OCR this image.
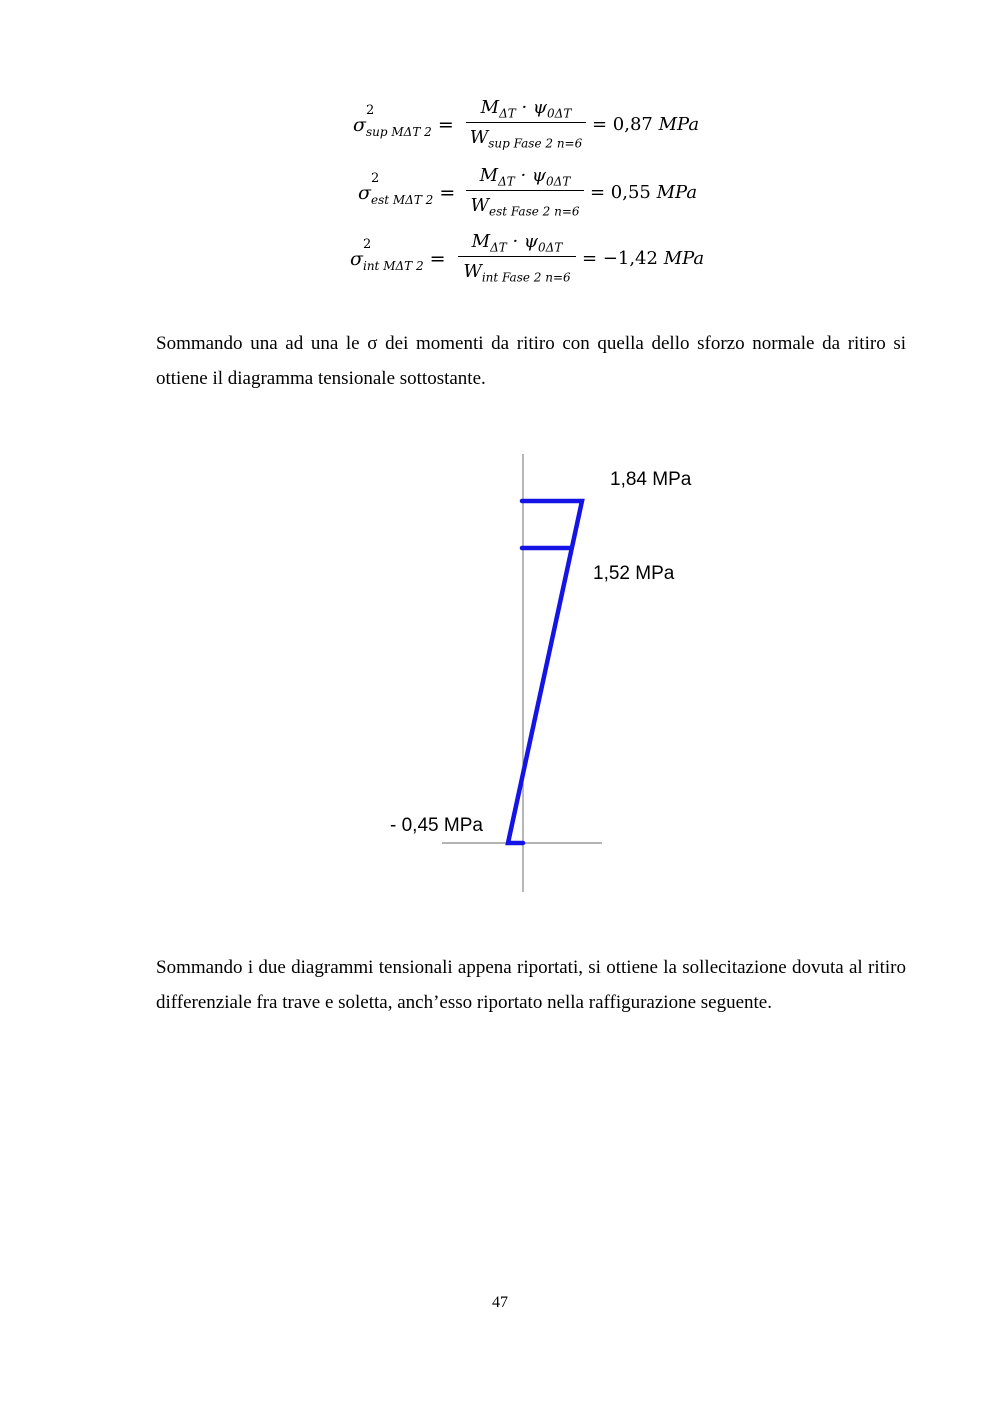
$\sigma_{sup M\Delta T 2}$
2
=
$M_{\Delta T} \cdot \psi_{0\Delta T}$
$W_{sup Fase 2 n=6}$
= 0,87 MPa
$\sigma_{est M\Delta T 2}$
2
=
$M_{\Delta T} \cdot \psi_{0\Delta T}$
$W_{est Fase 2 n=6}$
= 0,55 MPa
$\sigma_{int M\Delta T 2}$
2
=
$M_{\Delta T} \cdot \psi_{0\Delta T}$
$W_{int Fase 2 n=6}$
= −1,42 MPa

Sommando una ad una le σ dei momenti da ritiro con quella dello sforzo normale da ritiro si ottiene il diagramma tensionale sottostante.

1,84 MPa
1,52 MPa
- 0,45 MPa

Sommando i due diagrammi tensionali appena riportati, si ottiene la sollecitazione dovuta al ritiro differenziale fra trave e soletta, anch’esso riportato nella raffigurazione seguente.

47
